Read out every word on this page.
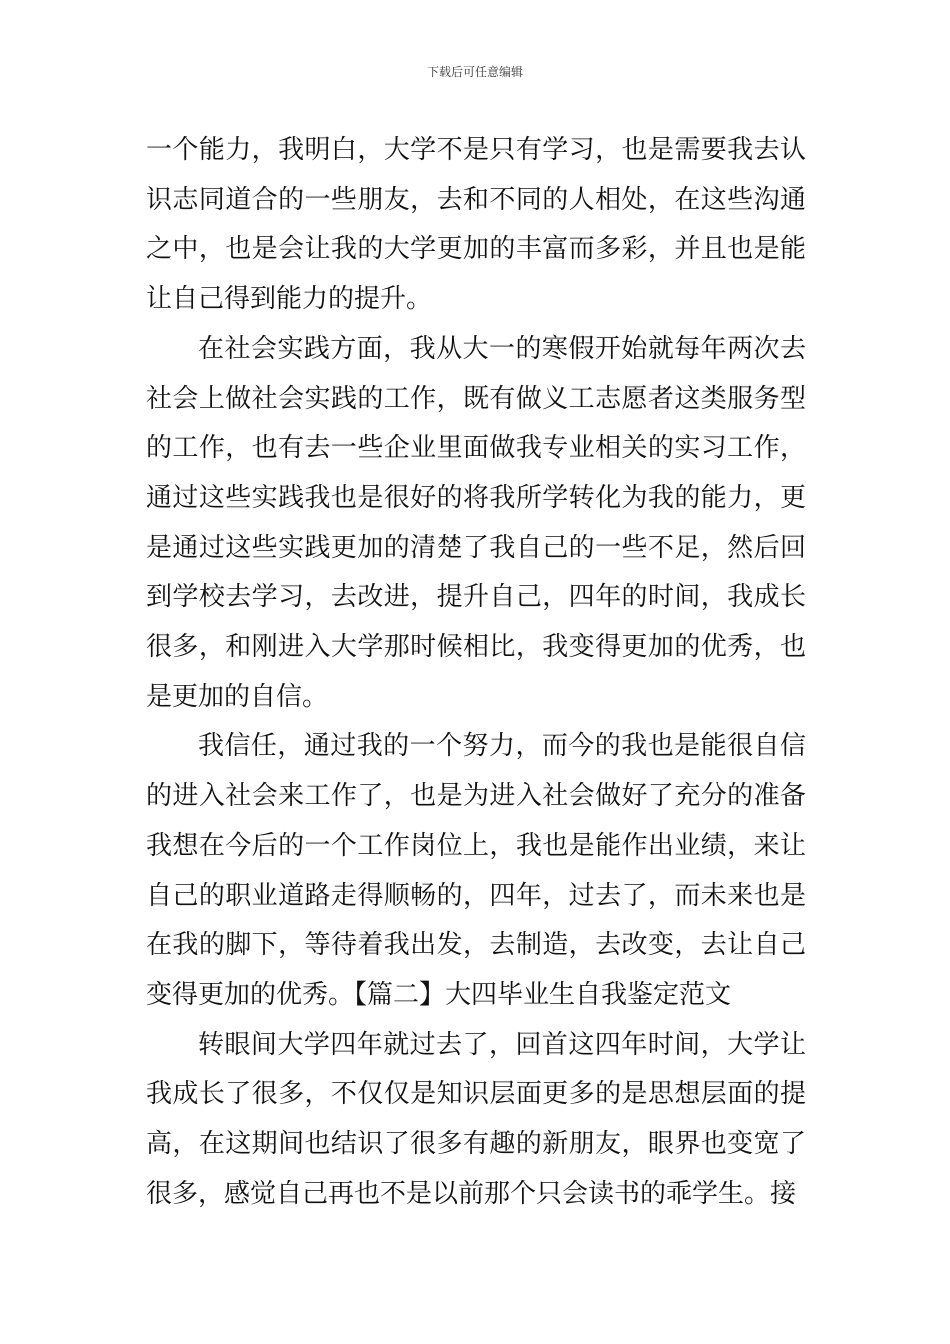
下载后可任意编辑

一个能力，我明白，大学不是只有学习，也是需要我去认识志同道合的一些朋友，去和不同的人相处，在这些沟通之中，也是会让我的大学更加的丰富而多彩，并且也是能让自己得到能力的提升。

在社会实践方面，我从大一的寒假开始就每年两次去社会上做社会实践的工作，既有做义工志愿者这类服务型的工作，也有去一些企业里面做我专业相关的实习工作，通过这些实践我也是很好的将我所学转化为我的能力，更是通过这些实践更加的清楚了我自己的一些不足，然后回到学校去学习，去改进，提升自己，四年的时间，我成长很多，和刚进入大学那时候相比，我变得更加的优秀，也是更加的自信。

我信任，通过我的一个努力，而今的我也是能很自信的进入社会来工作了，也是为进入社会做好了充分的准备我想在今后的一个工作岗位上，我也是能作出业绩，来让自己的职业道路走得顺畅的，四年，过去了，而未来也是在我的脚下，等待着我出发，去制造，去改变，去让自己变得更加的优秀。【篇二】大四毕业生自我鉴定范文

转眼间大学四年就过去了，回首这四年时间，大学让我成长了很多，不仅仅是知识层面更多的是思想层面的提高，在这期间也结识了很多有趣的新朋友，眼界也变宽了很多，感觉自己再也不是以前那个只会读书的乖学生。接
